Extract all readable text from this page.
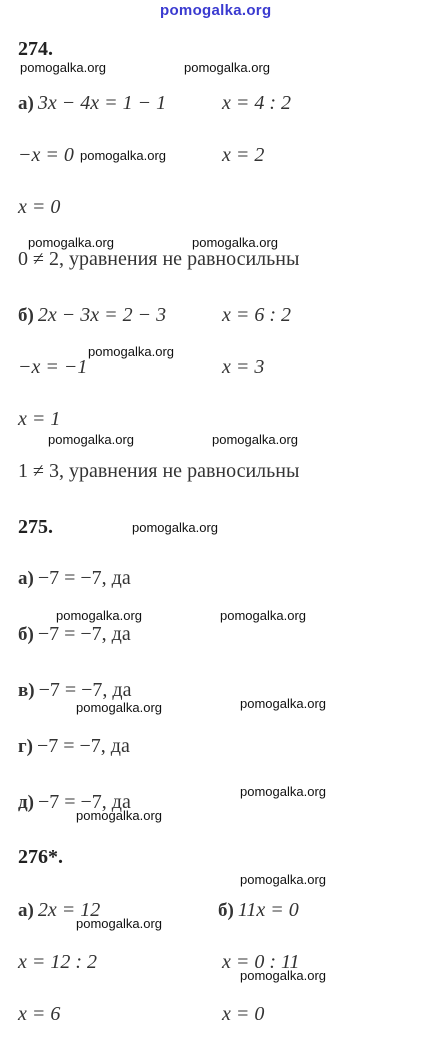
pomogalka.org
274.
а) 3x − 4x = 1 − 1	x = 4 : 2
−x = 0	x = 2
x = 0
0 ≠ 2, уравнения не равносильны
б) 2x − 3x = 2 − 3	x = 6 : 2
−x = −1	x = 3
x = 1
1 ≠ 3, уравнения не равносильны
275.
а) −7 = −7, да
б) −7 = −7, да
в) −7 = −7, да
г) −7 = −7, да
д) −7 = −7, да
276*.
а) 2x = 12	б) 11x = 0
x = 12 : 2	x = 0 : 11
x = 6	x = 0
pomogalka.org	pomogalka.org
pomogalka.org
pomogalka.org	pomogalka.org
pomogalka.org
pomogalka.org	pomogalka.org
pomogalka.org
pomogalka.org	pomogalka.org
pomogalka.org	pomogalka.org
pomogalka.org
pomogalka.org
pomogalka.org
pomogalka.org
pomogalka.org
